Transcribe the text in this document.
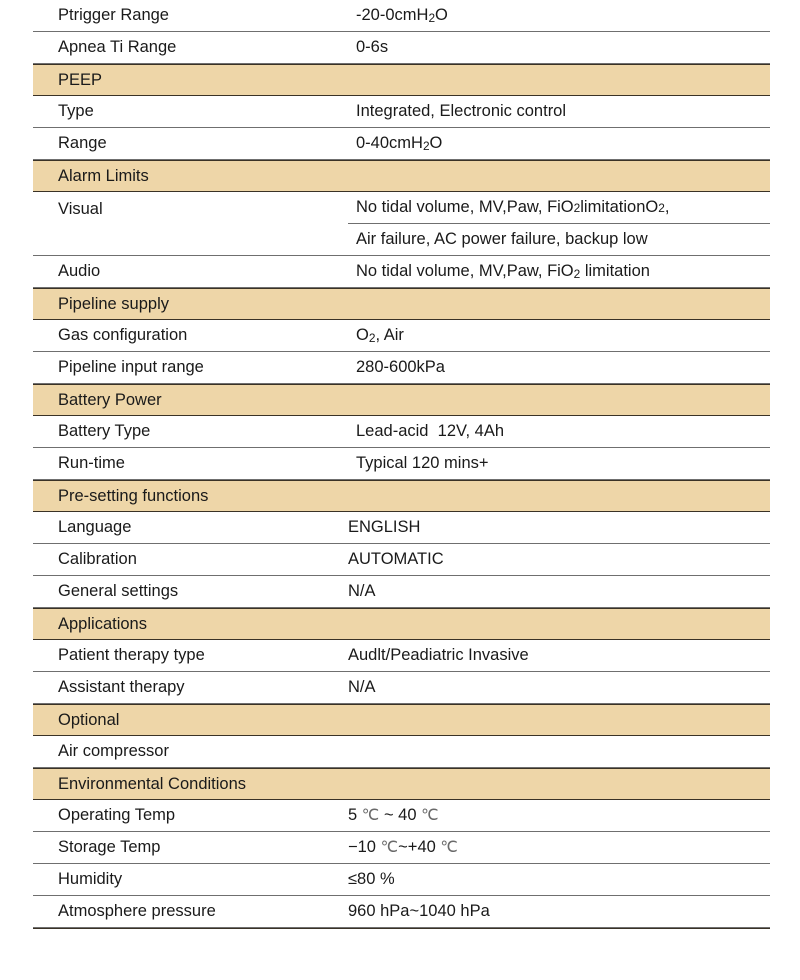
Ptrigger Range	-20-0cmH$_2$O
Apnea Ti Range	0-6s
PEEP
Type	Integrated, Electronic control
Range	0-40cmH$_2$O
Alarm Limits
Visual	No tidal volume, MV,Paw, FiO 2 limitationO 2 ,
Air failure, AC power failure, backup low
Audio	No tidal volume, MV,Paw, FiO$_2$ limitation
Pipeline supply
Gas configuration	$O_2$, Air
Pipeline input range	280-600kPa
Battery Power
Battery Type	Lead-acid  12V, 4Ah
Run-time	Typical 120 mins+
Pre-setting functions
Language	ENGLISH
Calibration	AUTOMATIC
General settings	N/A
Applications
Patient therapy type	Audlt/Peadiatric Invasive
Assistant therapy	N/A
Optional
Air compressor
Environmental Conditions
Operating Temp	5 ℃ ~ 40 ℃
Storage Temp	−10 ℃~+40 ℃
Humidity	≤80 %
Atmosphere pressure	960 hPa~1040 hPa
